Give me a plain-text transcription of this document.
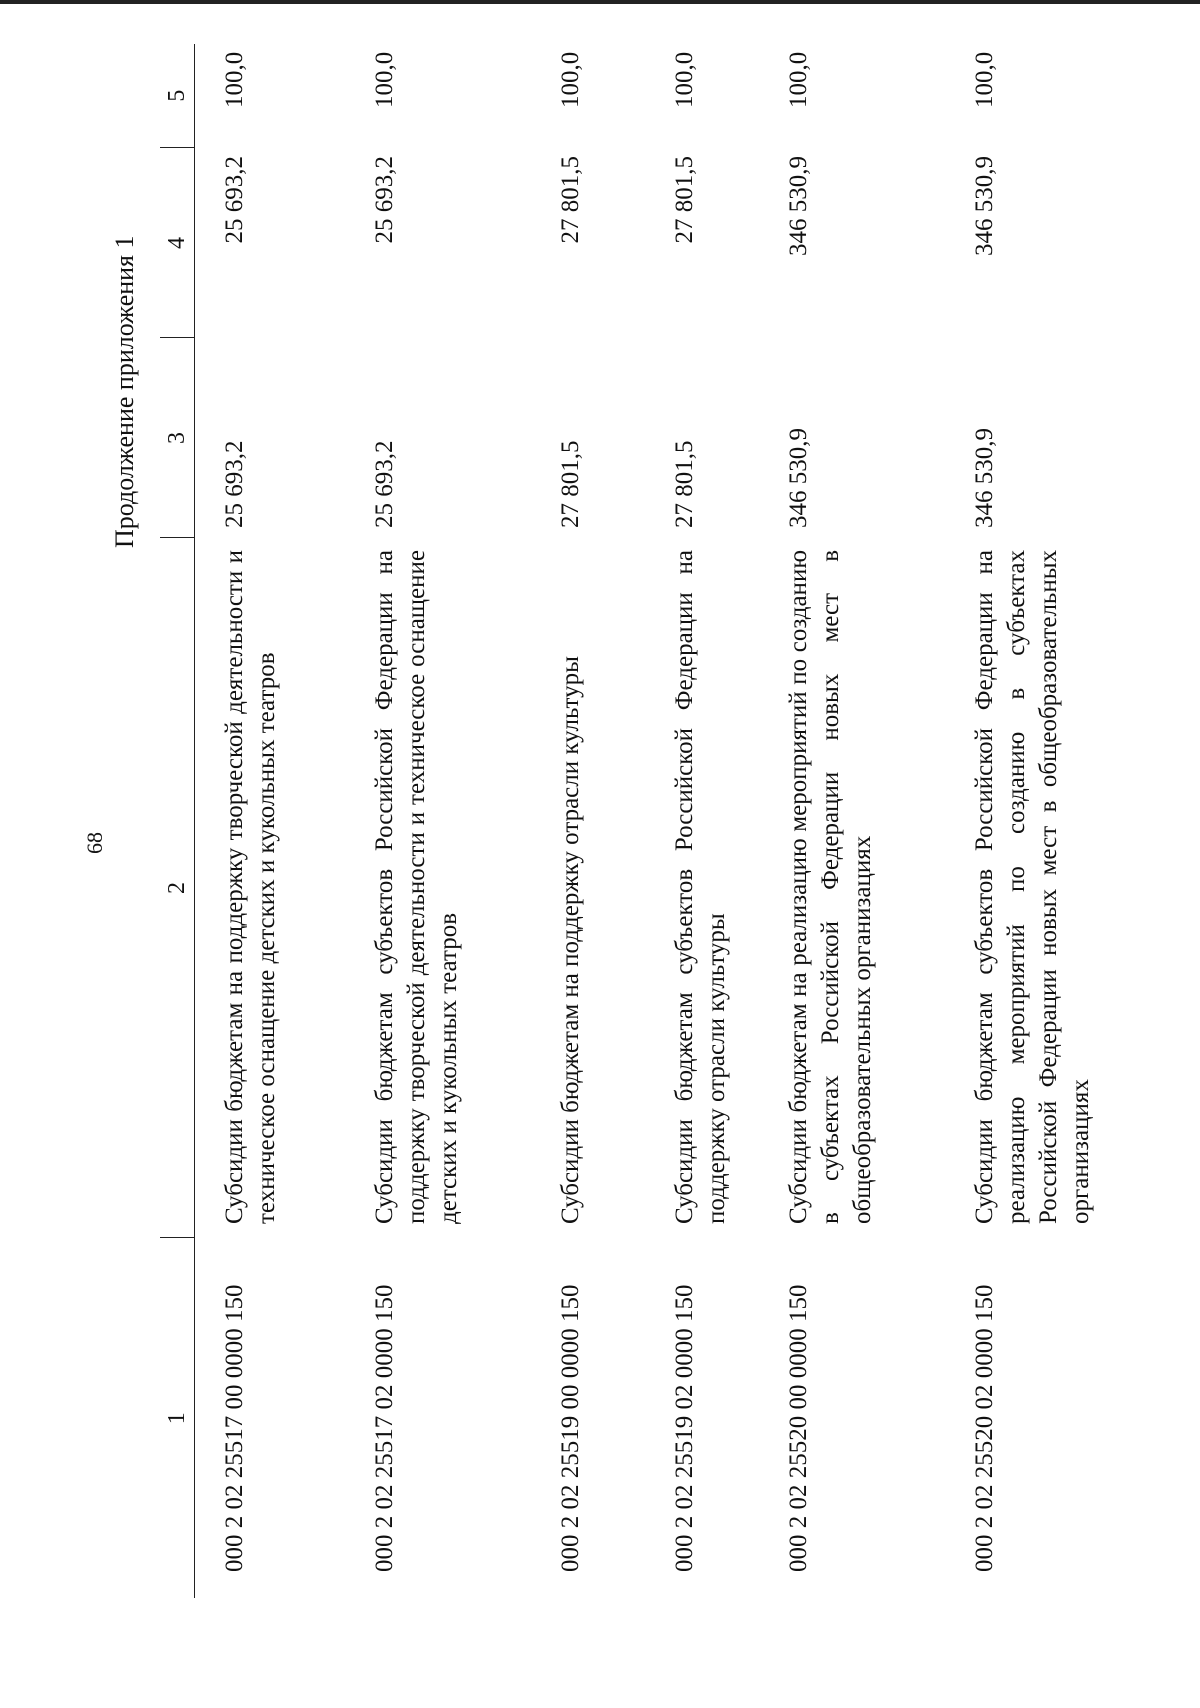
68
Продолжение приложения 1
1	2	3	4	5
000 2 02 25517 00 0000 150	Субсидии бюджетам на поддержку творческой деятельности и техническое оснащение детских и кукольных театров	25 693,2	25 693,2	100,0
000 2 02 25517 02 0000 150	Субсидии бюджетам субъектов Российской Федерации на поддержку творческой деятельности и техническое оснащение детских и кукольных театров	25 693,2	25 693,2	100,0
000 2 02 25519 00 0000 150	Субсидии бюджетам на поддержку отрасли культуры	27 801,5	27 801,5	100,0
000 2 02 25519 02 0000 150	Субсидии бюджетам субъектов Российской Федерации на поддержку отрасли культуры	27 801,5	27 801,5	100,0
000 2 02 25520 00 0000 150	Субсидии бюджетам на реализацию мероприятий по созданию в субъектах Российской Федерации новых мест в общеобразовательных организациях	346 530,9	346 530,9	100,0
000 2 02 25520 02 0000 150	Субсидии бюджетам субъектов Российской Федерации на реализацию мероприятий по созданию в субъектах Российской Федерации новых мест в общеобразовательных организациях	346 530,9	346 530,9	100,0
